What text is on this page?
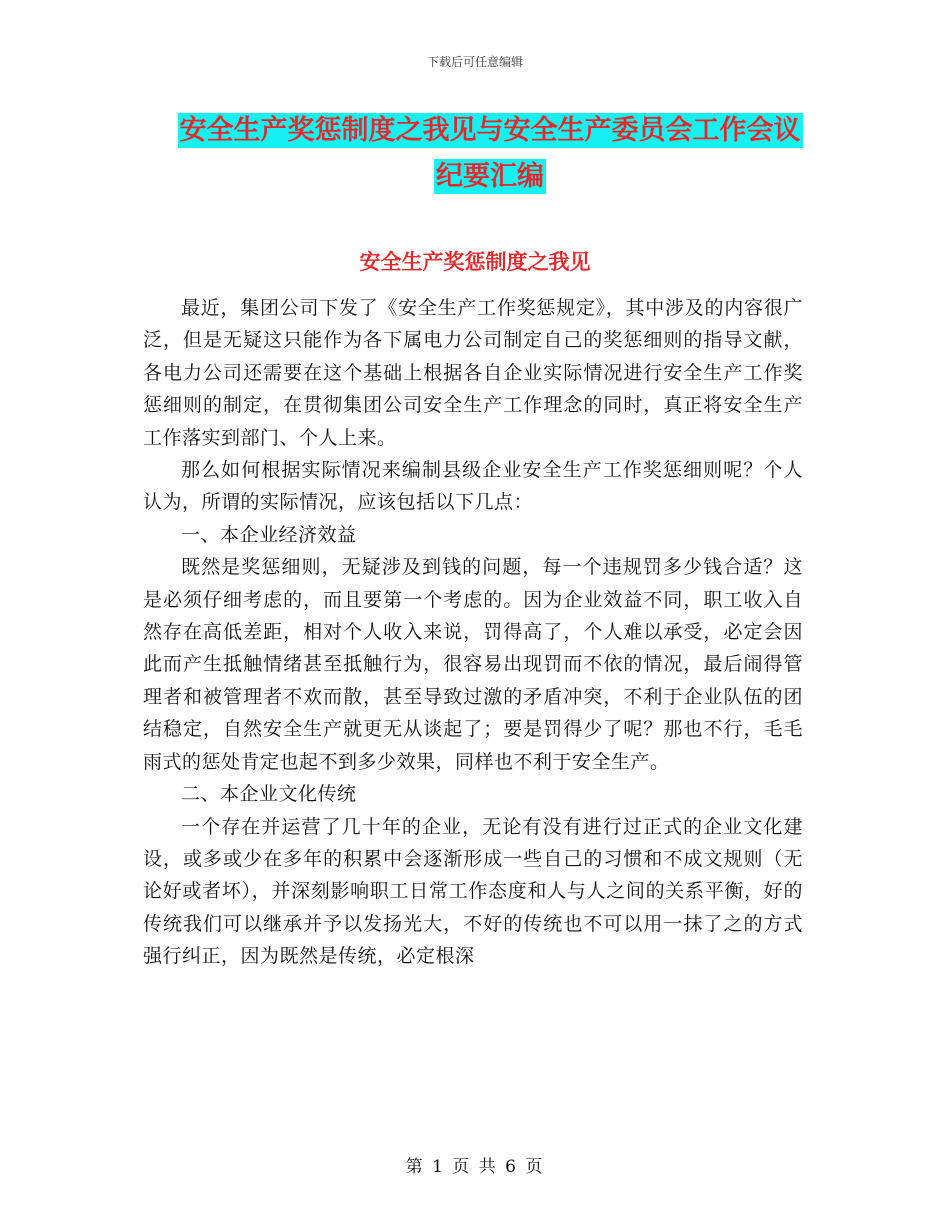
下载后可任意编辑
安全生产奖惩制度之我见与安全生产委员会工作会议
纪要汇编
安全生产奖惩制度之我见

最近，集团公司下发了《安全生产工作奖惩规定》，其中涉及的内容很广泛，但是无疑这只能作为各下属电力公司制定自己的奖惩细则的指导文献，各电力公司还需要在这个基础上根据各自企业实际情况进行安全生产工作奖惩细则的制定，在贯彻集团公司安全生产工作理念的同时，真正将安全生产工作落实到部门、个人上来。

那么如何根据实际情况来编制县级企业安全生产工作奖惩细则呢？个人认为，所谓的实际情况，应该包括以下几点：

一、本企业经济效益

既然是奖惩细则，无疑涉及到钱的问题，每一个违规罚多少钱合适？这是必须仔细考虑的，而且要第一个考虑的。因为企业效益不同，职工收入自然存在高低差距，相对个人收入来说，罚得高了，个人难以承受，必定会因此而产生抵触情绪甚至抵触行为，很容易出现罚而不依的情况，最后闹得管理者和被管理者不欢而散，甚至导致过激的矛盾冲突，不利于企业队伍的团结稳定，自然安全生产就更无从谈起了；要是罚得少了呢？那也不行，毛毛雨式的惩处肯定也起不到多少效果，同样也不利于安全生产。

二、本企业文化传统

一个存在并运营了几十年的企业，无论有没有进行过正式的企业文化建设，或多或少在多年的积累中会逐渐形成一些自己的习惯和不成文规则（无论好或者坏），并深刻影响职工日常工作态度和人与人之间的关系平衡，好的传统我们可以继承并予以发扬光大，不好的传统也不可以用一抹了之的方式强行纠正，因为既然是传统，必定根深

第 1 页 共 6 页
